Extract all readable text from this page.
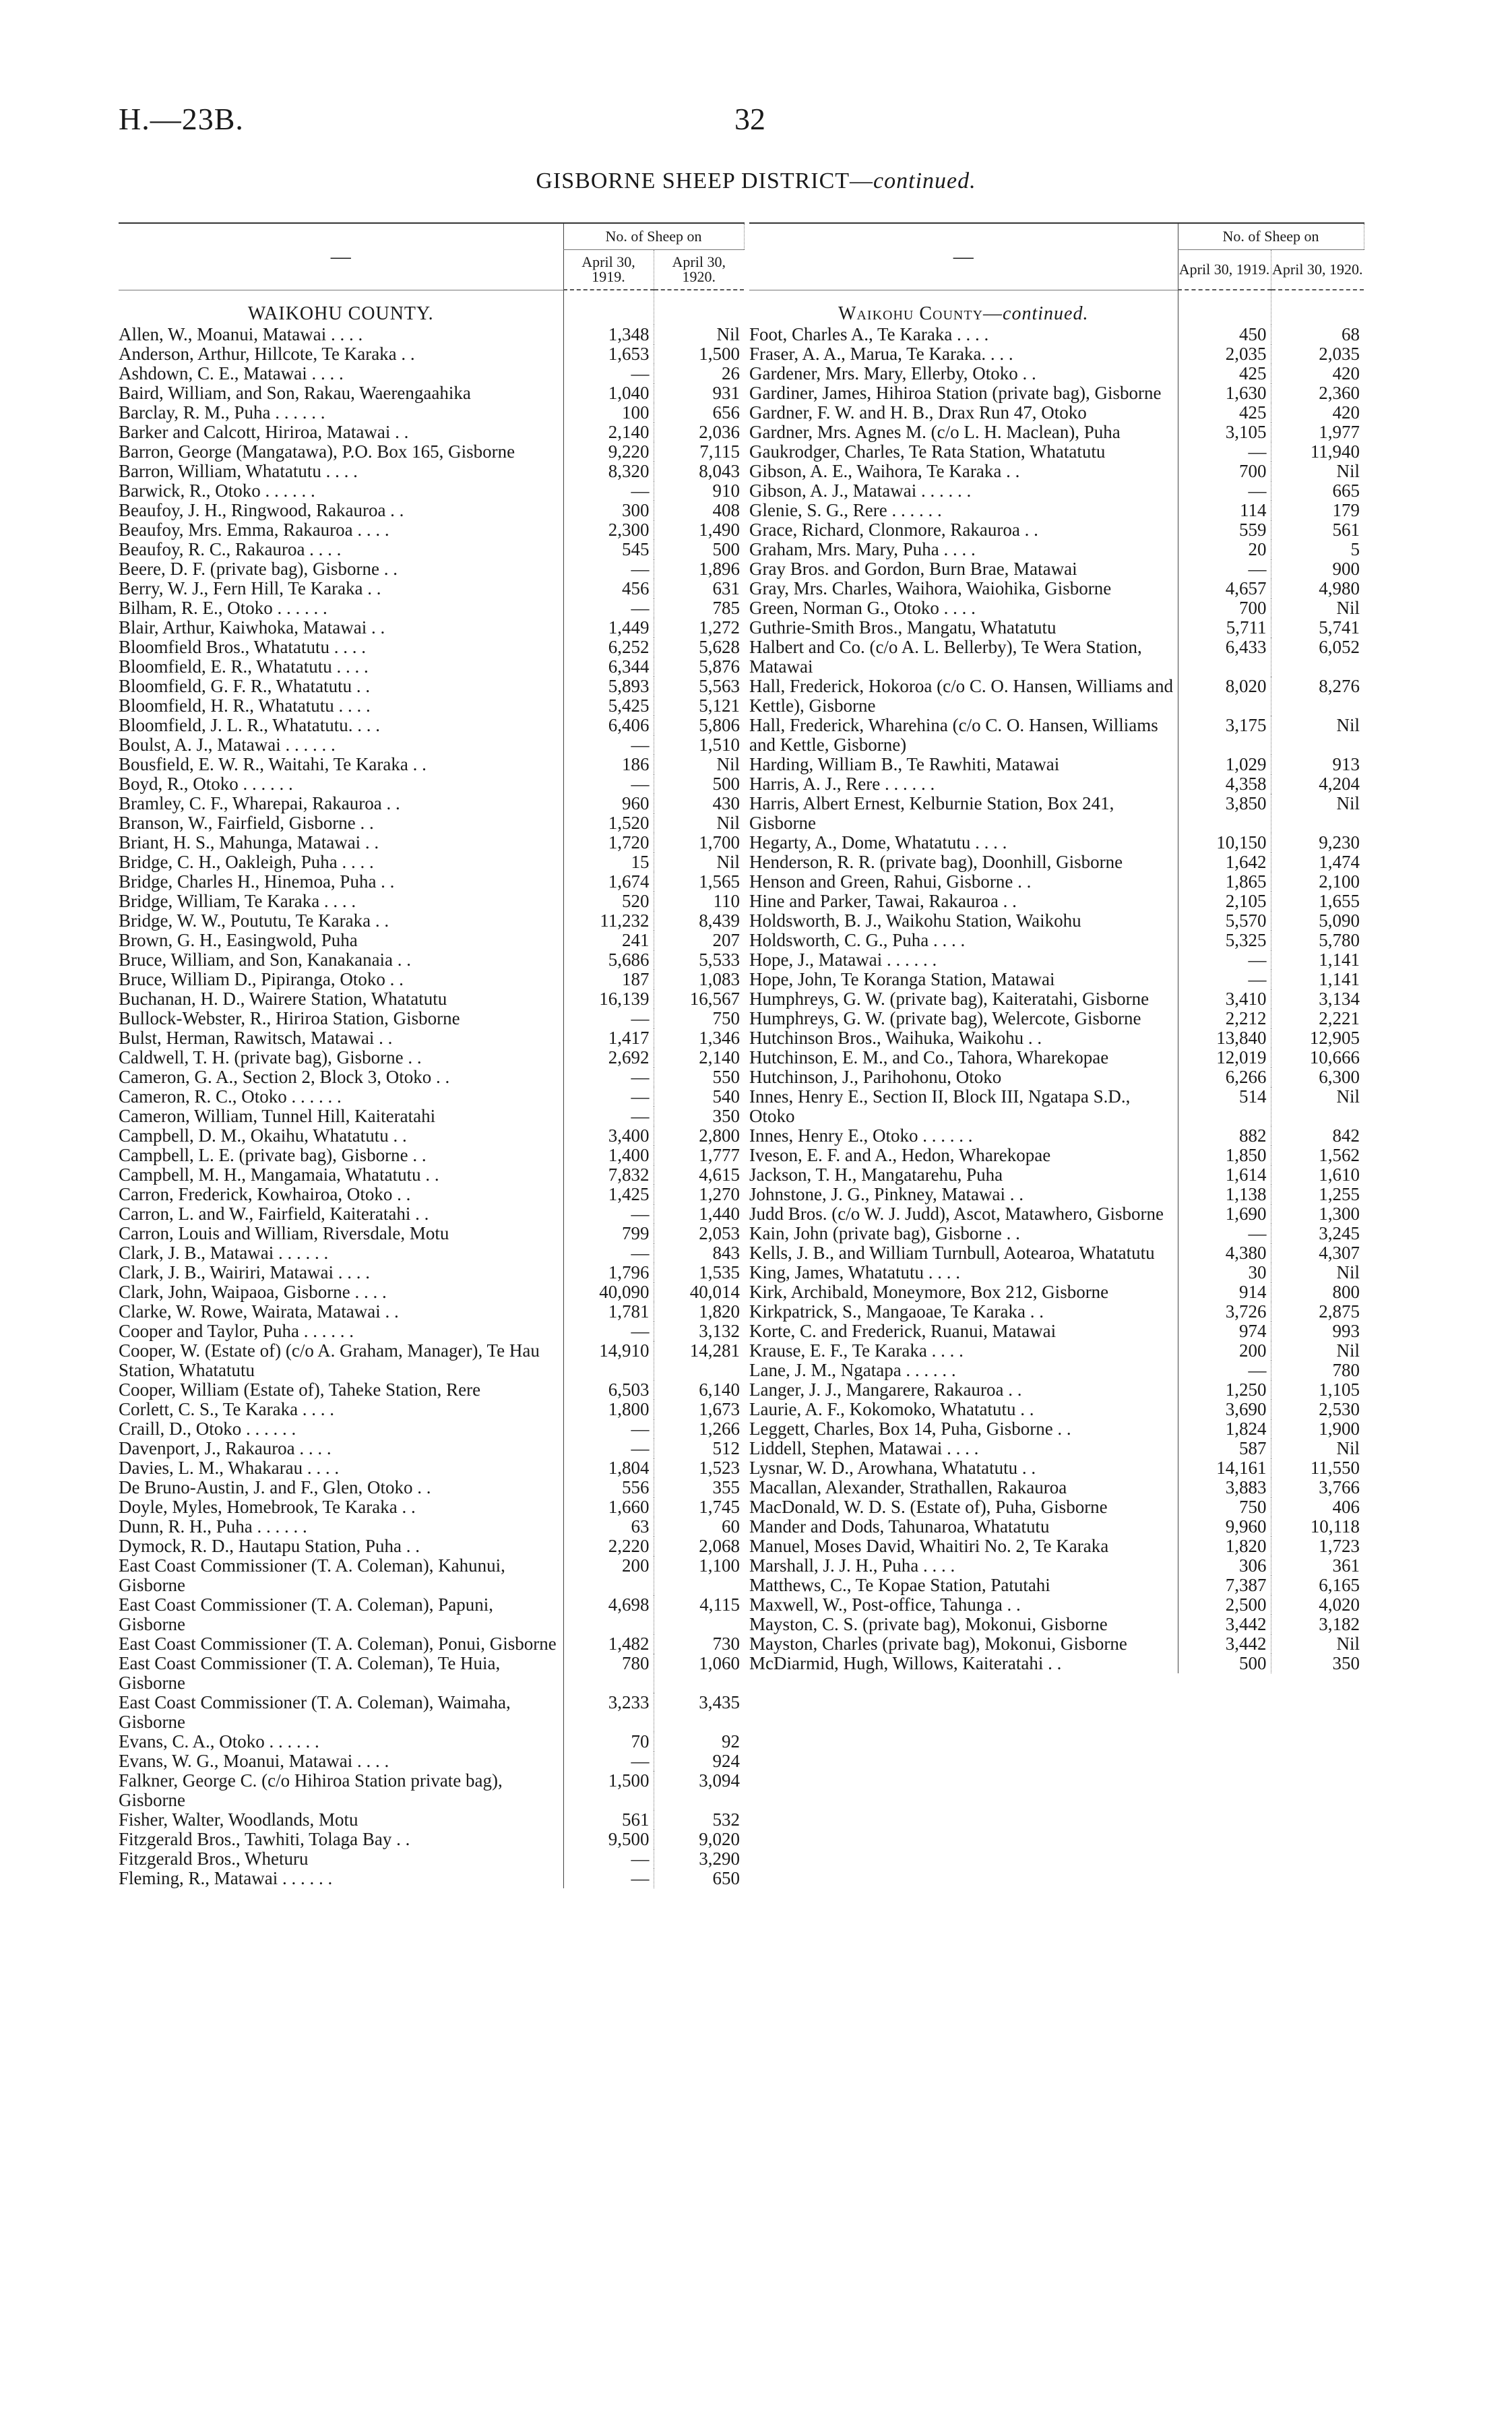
H.—23B.	32
GISBORNE SHEEP DISTRICT—continued.
—	No. of Sheep on	
	April 30, 1919.	April 30, 1920.
WAIKOHU COUNTY.		
Allen, W., Moanui, Matawai . . . .	1,348	Nil
Anderson, Arthur, Hillcote, Te Karaka . .	1,653	1,500
Ashdown, C. E., Matawai . . . .	—	26
Baird, William, and Son, Rakau, Waerengaahika	1,040	931
Barclay, R. M., Puha . . . . . .	100	656
Barker and Calcott, Hiriroa, Matawai . .	2,140	2,036
Barron, George (Mangatawa), P.O. Box 165, Gisborne	9,220	7,115
Barron, William, Whatatutu . . . .	8,320	8,043
Barwick, R., Otoko . . . . . .	—	910
Beaufoy, J. H., Ringwood, Rakauroa . .	300	408
Beaufoy, Mrs. Emma, Rakauroa . . . .	2,300	1,490
Beaufoy, R. C., Rakauroa . . . .	545	500
Beere, D. F. (private bag), Gisborne . .	—	1,896
Berry, W. J., Fern Hill, Te Karaka . .	456	631
Bilham, R. E., Otoko . . . . . .	—	785
Blair, Arthur, Kaiwhoka, Matawai . .	1,449	1,272
Bloomfield Bros., Whatatutu . . . .	6,252	5,628
Bloomfield, E. R., Whatatutu . . . .	6,344	5,876
Bloomfield, G. F. R., Whatatutu . .	5,893	5,563
Bloomfield, H. R., Whatatutu . . . .	5,425	5,121
Bloomfield, J. L. R., Whatatutu. . . .	6,406	5,806
Boulst, A. J., Matawai . . . . . .	—	1,510
Bousfield, E. W. R., Waitahi, Te Karaka . .	186	Nil
Boyd, R., Otoko . . . . . .	—	500
Bramley, C. F., Wharepai, Rakauroa . .	960	430
Branson, W., Fairfield, Gisborne . .	1,520	Nil
Briant, H. S., Mahunga, Matawai . .	1,720	1,700
Bridge, C. H., Oakleigh, Puha . . . .	15	Nil
Bridge, Charles H., Hinemoa, Puha . .	1,674	1,565
Bridge, William, Te Karaka . . . .	520	110
Bridge, W. W., Poututu, Te Karaka . .	11,232	8,439
Brown, G. H., Easingwold, Puha	241	207
Bruce, William, and Son, Kanakanaia . .	5,686	5,533
Bruce, William D., Pipiranga, Otoko . .	187	1,083
Buchanan, H. D., Wairere Station, Whatatutu	16,139	16,567
Bullock-Webster, R., Hiriroa Station, Gisborne	—	750
Bulst, Herman, Rawitsch, Matawai . .	1,417	1,346
Caldwell, T. H. (private bag), Gisborne . .	2,692	2,140
Cameron, G. A., Section 2, Block 3, Otoko . .	—	550
Cameron, R. C., Otoko . . . . . .	—	540
Cameron, William, Tunnel Hill, Kaiteratahi	—	350
Campbell, D. M., Okaihu, Whatatutu . .	3,400	2,800
Campbell, L. E. (private bag), Gisborne . .	1,400	1,777
Campbell, M. H., Mangamaia, Whatatutu . .	7,832	4,615
Carron, Frederick, Kowhairoa, Otoko . .	1,425	1,270
Carron, L. and W., Fairfield, Kaiteratahi . .	—	1,440
Carron, Louis and William, Riversdale, Motu	799	2,053
Clark, J. B., Matawai . . . . . .	—	843
Clark, J. B., Wairiri, Matawai . . . .	1,796	1,535
Clark, John, Waipaoa, Gisborne . . . .	40,090	40,014
Clarke, W. Rowe, Wairata, Matawai . .	1,781	1,820
Cooper and Taylor, Puha . . . . . .	—	3,132
Cooper, W. (Estate of) (c/o A. Graham, Manager), Te Hau Station, Whatatutu	14,910	14,281
Cooper, William (Estate of), Taheke Station, Rere	6,503	6,140
Corlett, C. S., Te Karaka . . . .	1,800	1,673
Craill, D., Otoko . . . . . .	—	1,266
Davenport, J., Rakauroa . . . .	—	512
Davies, L. M., Whakarau . . . .	1,804	1,523
De Bruno-Austin, J. and F., Glen, Otoko . .	556	355
Doyle, Myles, Homebrook, Te Karaka . .	1,660	1,745
Dunn, R. H., Puha . . . . . .	63	60
Dymock, R. D., Hautapu Station, Puha . .	2,220	2,068
East Coast Commissioner (T. A. Coleman), Kahunui, Gisborne	200	1,100
East Coast Commissioner (T. A. Coleman), Papuni, Gisborne	4,698	4,115
East Coast Commissioner (T. A. Coleman), Ponui, Gisborne	1,482	730
East Coast Commissioner (T. A. Coleman), Te Huia, Gisborne	780	1,060
East Coast Commissioner (T. A. Coleman), Waimaha, Gisborne	3,233	3,435
Evans, C. A., Otoko . . . . . .	70	92
Evans, W. G., Moanui, Matawai . . . .	—	924
Falkner, George C. (c/o Hihiroa Station private bag), Gisborne	1,500	3,094
Fisher, Walter, Woodlands, Motu	561	532
Fitzgerald Bros., Tawhiti, Tolaga Bay . .	9,500	9,020
Fitzgerald Bros., Wheturu	—	3,290
Fleming, R., Matawai . . . . . .	—	650
—	No. of Sheep on	
	April 30, 1919.	April 30, 1920.
Waikohu County—continued.		
Foot, Charles A., Te Karaka . . . .	450	68
Fraser, A. A., Marua, Te Karaka. . . .	2,035	2,035
Gardener, Mrs. Mary, Ellerby, Otoko . .	425	420
Gardiner, James, Hihiroa Station (private bag), Gisborne	1,630	2,360
Gardner, F. W. and H. B., Drax Run 47, Otoko	425	420
Gardner, Mrs. Agnes M. (c/o L. H. Maclean), Puha	3,105	1,977
Gaukrodger, Charles, Te Rata Station, Whatatutu	—	11,940
Gibson, A. E., Waihora, Te Karaka . .	700	Nil
Gibson, A. J., Matawai . . . . . .	—	665
Glenie, S. G., Rere . . . . . .	114	179
Grace, Richard, Clonmore, Rakauroa . .	559	561
Graham, Mrs. Mary, Puha . . . .	20	5
Gray Bros. and Gordon, Burn Brae, Matawai	—	900
Gray, Mrs. Charles, Waihora, Waiohika, Gisborne	4,657	4,980
Green, Norman G., Otoko . . . .	700	Nil
Guthrie-Smith Bros., Mangatu, Whatatutu	5,711	5,741
Halbert and Co. (c/o A. L. Bellerby), Te Wera Station, Matawai	6,433	6,052
Hall, Frederick, Hokoroa (c/o C. O. Hansen, Williams and Kettle), Gisborne	8,020	8,276
Hall, Frederick, Wharehina (c/o C. O. Hansen, Williams and Kettle, Gisborne)	3,175	Nil
Harding, William B., Te Rawhiti, Matawai	1,029	913
Harris, A. J., Rere . . . . . .	4,358	4,204
Harris, Albert Ernest, Kelburnie Station, Box 241, Gisborne	3,850	Nil
Hegarty, A., Dome, Whatatutu . . . .	10,150	9,230
Henderson, R. R. (private bag), Doonhill, Gisborne	1,642	1,474
Henson and Green, Rahui, Gisborne . .	1,865	2,100
Hine and Parker, Tawai, Rakauroa . .	2,105	1,655
Holdsworth, B. J., Waikohu Station, Waikohu	5,570	5,090
Holdsworth, C. G., Puha . . . .	5,325	5,780
Hope, J., Matawai . . . . . .	—	1,141
Hope, John, Te Koranga Station, Matawai	—	1,141
Humphreys, G. W. (private bag), Kaiteratahi, Gisborne	3,410	3,134
Humphreys, G. W. (private bag), Welercote, Gisborne	2,212	2,221
Hutchinson Bros., Waihuka, Waikohu . .	13,840	12,905
Hutchinson, E. M., and Co., Tahora, Wharekopae	12,019	10,666
Hutchinson, J., Parihohonu, Otoko	6,266	6,300
Innes, Henry E., Section II, Block III, Ngatapa S.D., Otoko	514	Nil
Innes, Henry E., Otoko . . . . . .	882	842
Iveson, E. F. and A., Hedon, Wharekopae	1,850	1,562
Jackson, T. H., Mangatarehu, Puha	1,614	1,610
Johnstone, J. G., Pinkney, Matawai . .	1,138	1,255
Judd Bros. (c/o W. J. Judd), Ascot, Matawhero, Gisborne	1,690	1,300
Kain, John (private bag), Gisborne . .	—	3,245
Kells, J. B., and William Turnbull, Aotearoa, Whatatutu	4,380	4,307
King, James, Whatatutu . . . .	30	Nil
Kirk, Archibald, Moneymore, Box 212, Gisborne	914	800
Kirkpatrick, S., Mangaoae, Te Karaka . .	3,726	2,875
Korte, C. and Frederick, Ruanui, Matawai	974	993
Krause, E. F., Te Karaka . . . .	200	Nil
Lane, J. M., Ngatapa . . . . . .	—	780
Langer, J. J., Mangarere, Rakauroa . .	1,250	1,105
Laurie, A. F., Kokomoko, Whatatutu . .	3,690	2,530
Leggett, Charles, Box 14, Puha, Gisborne . .	1,824	1,900
Liddell, Stephen, Matawai . . . .	587	Nil
Lysnar, W. D., Arowhana, Whatatutu . .	14,161	11,550
Macallan, Alexander, Strathallen, Rakauroa	3,883	3,766
MacDonald, W. D. S. (Estate of), Puha, Gisborne	750	406
Mander and Dods, Tahunaroa, Whatatutu	9,960	10,118
Manuel, Moses David, Whaitiri No. 2, Te Karaka	1,820	1,723
Marshall, J. J. H., Puha . . . .	306	361
Matthews, C., Te Kopae Station, Patutahi	7,387	6,165
Maxwell, W., Post-office, Tahunga . .	2,500	4,020
Mayston, C. S. (private bag), Mokonui, Gisborne	3,442	3,182
Mayston, Charles (private bag), Mokonui, Gisborne	3,442	Nil
McDiarmid, Hugh, Willows, Kaiteratahi . .	500	350
